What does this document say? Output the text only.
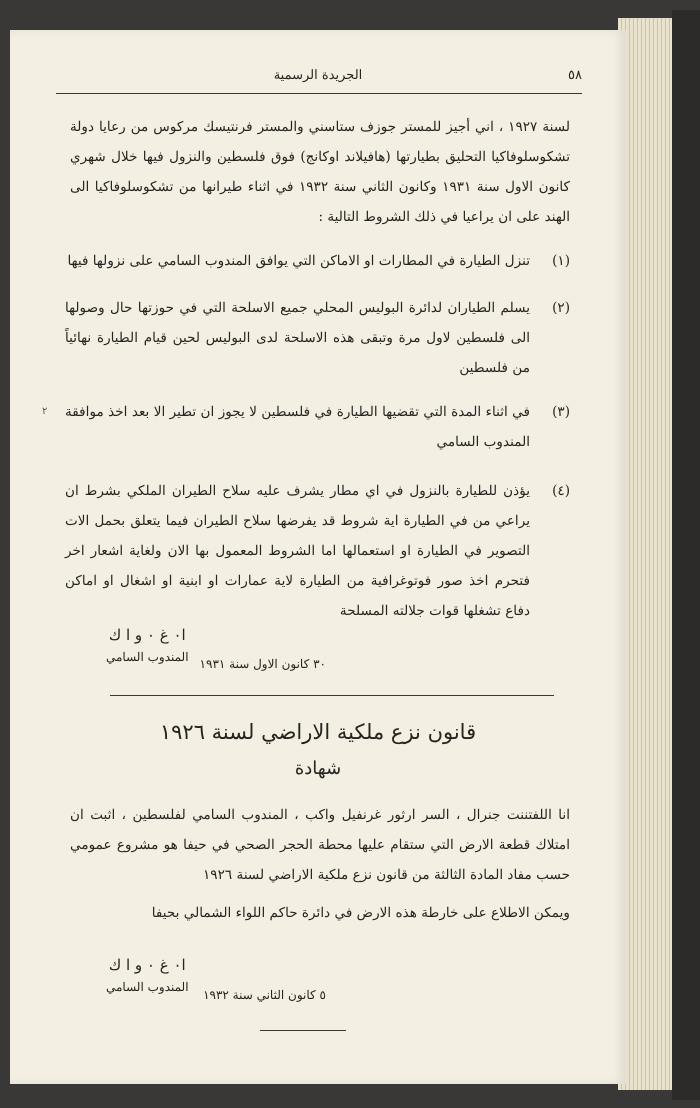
٥٨
الجريدة الرسمية
لسنة ١٩٢٧ ، اني أجيز للمستر جوزف ستاسني والمستر فرنتيسك مركوس من رعايا دولة تشكوسلوفاكيا التحليق بطيارتها (هافيلاند اوكانج) فوق فلسطين والنزول فيها خلال شهري كانون الاول سنة ١٩٣١ وكانون الثاني سنة ١٩٣٢ في اثناء طيرانها من تشكوسلوفاكيا الى الهند على ان يراعيا في ذلك الشروط التالية :
(١)
تنزل الطيارة في المطارات او الاماكن التي يوافق المندوب السامي على نزولها فيها
(٢)
يسلم الطياران لدائرة البوليس المحلي جميع الاسلحة التي في حوزتها حال وصولها الى فلسطين لاول مرة وتبقى هذه الاسلحة لدى البوليس لحين قيام الطيارة نهائياً من فلسطين
(٣)
في اثناء المدة التي تقضيها الطيارة في فلسطين لا يجوز ان تطير الا بعد اخذ موافقة المندوب السامي
(٤)
يؤذن للطيارة بالنزول في اي مطار يشرف عليه سلاح الطيران الملكي بشرط ان يراعي من في الطيارة اية شروط قد يفرضها سلاح الطيران فيما يتعلق بحمل الات التصوير في الطيارة او استعمالها اما الشروط المعمول بها الان ولغاية اشعار اخر فتحرم اخذ صور فوتوغرافية من الطيارة لاية عمارات او ابنية او اشغال او اماكن دفاع تشغلها قوات جلالته المسلحة
٢
ا٠ غ ٠ و ا ك
المندوب السامي ٣٠ كانون الاول سنة ١٩٣١
قانون نزع ملكية الاراضي لسنة ١٩٢٦
شهادة
انا اللفتننت جنرال ، السر ارثور غرنفيل واكب ، المندوب السامي لفلسطين ، اثبت ان امتلاك قطعة الارض التي ستقام عليها محطة الحجر الصحي في حيفا هو مشروع عمومي حسب مفاد المادة الثالثة من قانون نزع ملكية الاراضي لسنة ١٩٢٦
ويمكن الاطلاع على خارطة هذه الارض في دائرة حاكم اللواء الشمالي بحيفا
ا٠ غ ٠ و ا ك
المندوب السامي
٥ كانون الثاني سنة ١٩٣٢
